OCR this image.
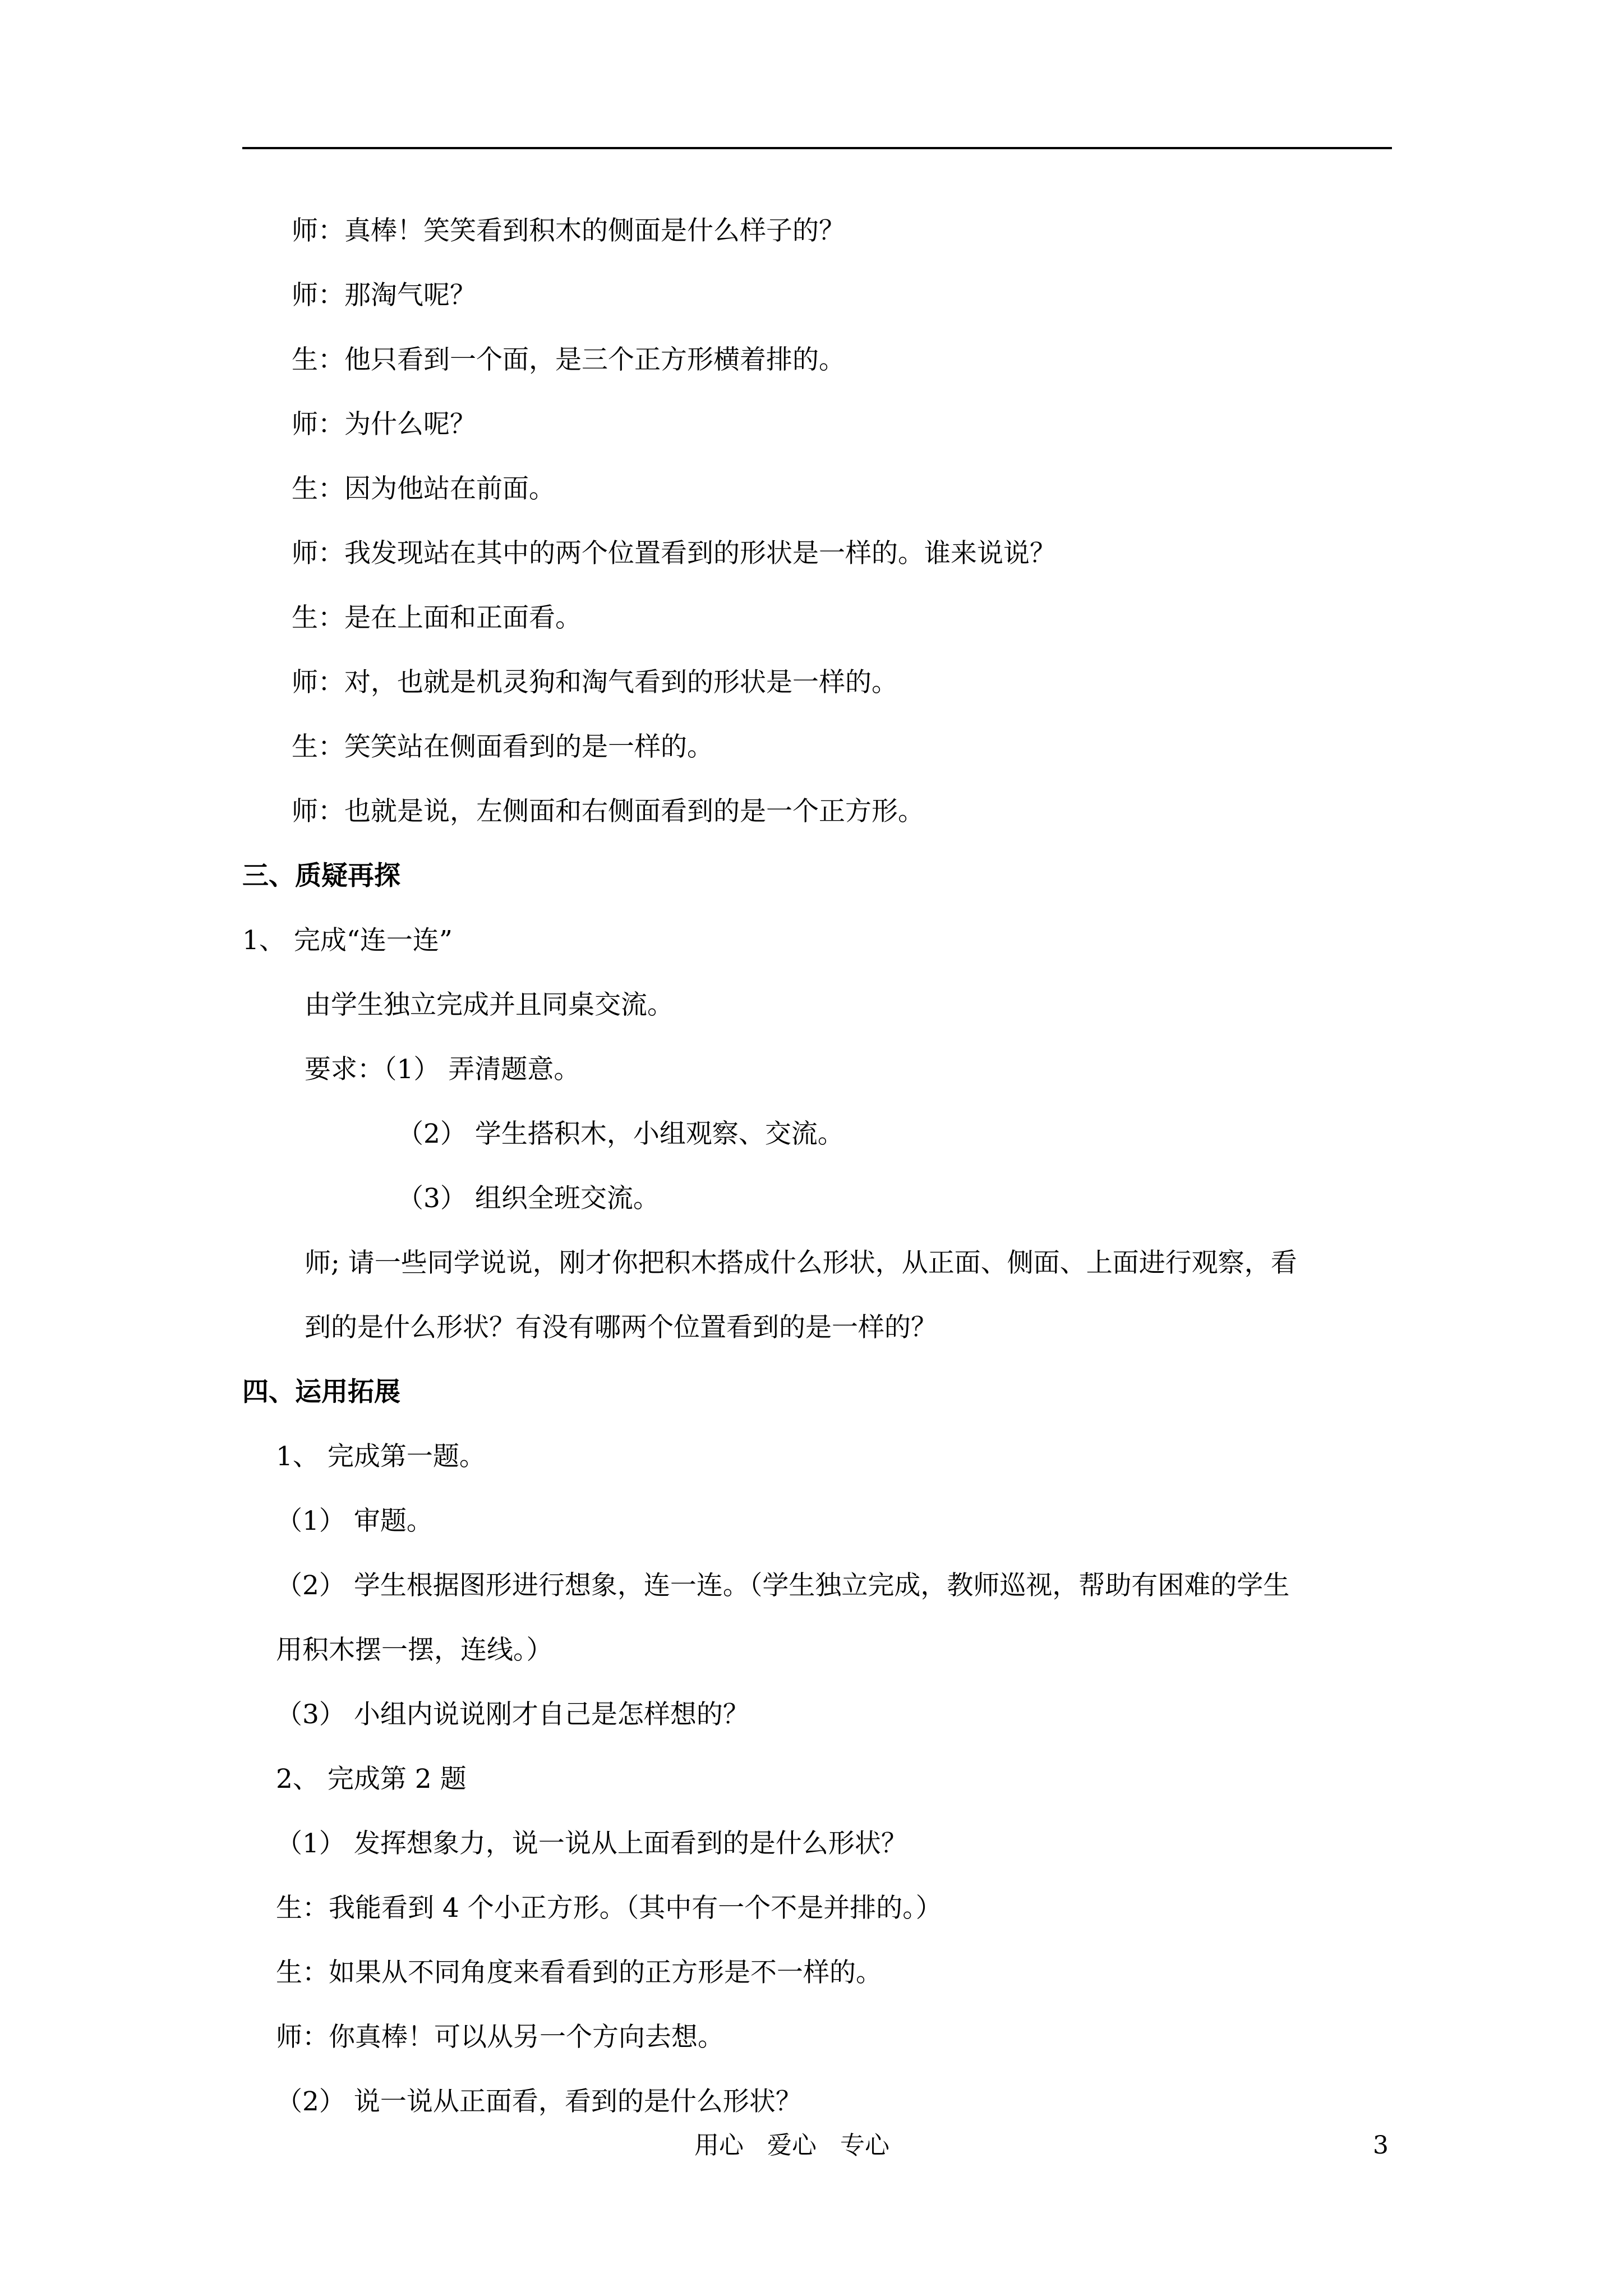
师：真棒！笑笑看到积木的侧面是什么样子的？
师：那淘气呢？
生：他只看到一个面，是三个正方形横着排的。
师：为什么呢？
生：因为他站在前面。
师：我发现站在其中的两个位置看到的形状是一样的。谁来说说？
生：是在上面和正面看。
师：对，也就是机灵狗和淘气看到的形状是一样的。
生：笑笑站在侧面看到的是一样的。
师：也就是说，左侧面和右侧面看到的是一个正方形。
三、质疑再探
1、 完成“连一连”
由学生独立完成并且同桌交流。
要求：（1） 弄清题意。
（2） 学生搭积木，小组观察、交流。
（3） 组织全班交流。
师; 请一些同学说说，刚才你把积木搭成什么形状，从正面、侧面、上面进行观察，看
到的是什么形状？有没有哪两个位置看到的是一样的？
四、运用拓展
1、 完成第一题。
（1） 审题。
（2） 学生根据图形进行想象，连一连。（学生独立完成，教师巡视，帮助有困难的学生
用积木摆一摆，连线。）
（3） 小组内说说刚才自己是怎样想的？
2、 完成第 2 题
（1） 发挥想象力，说一说从上面看到的是什么形状？
生：我能看到 4 个小正方形。（其中有一个不是并排的。）
生：如果从不同角度来看看到的正方形是不一样的。
师：你真棒！可以从另一个方向去想。
（2） 说一说从正面看，看到的是什么形状？
用心 爱心 专心	3
